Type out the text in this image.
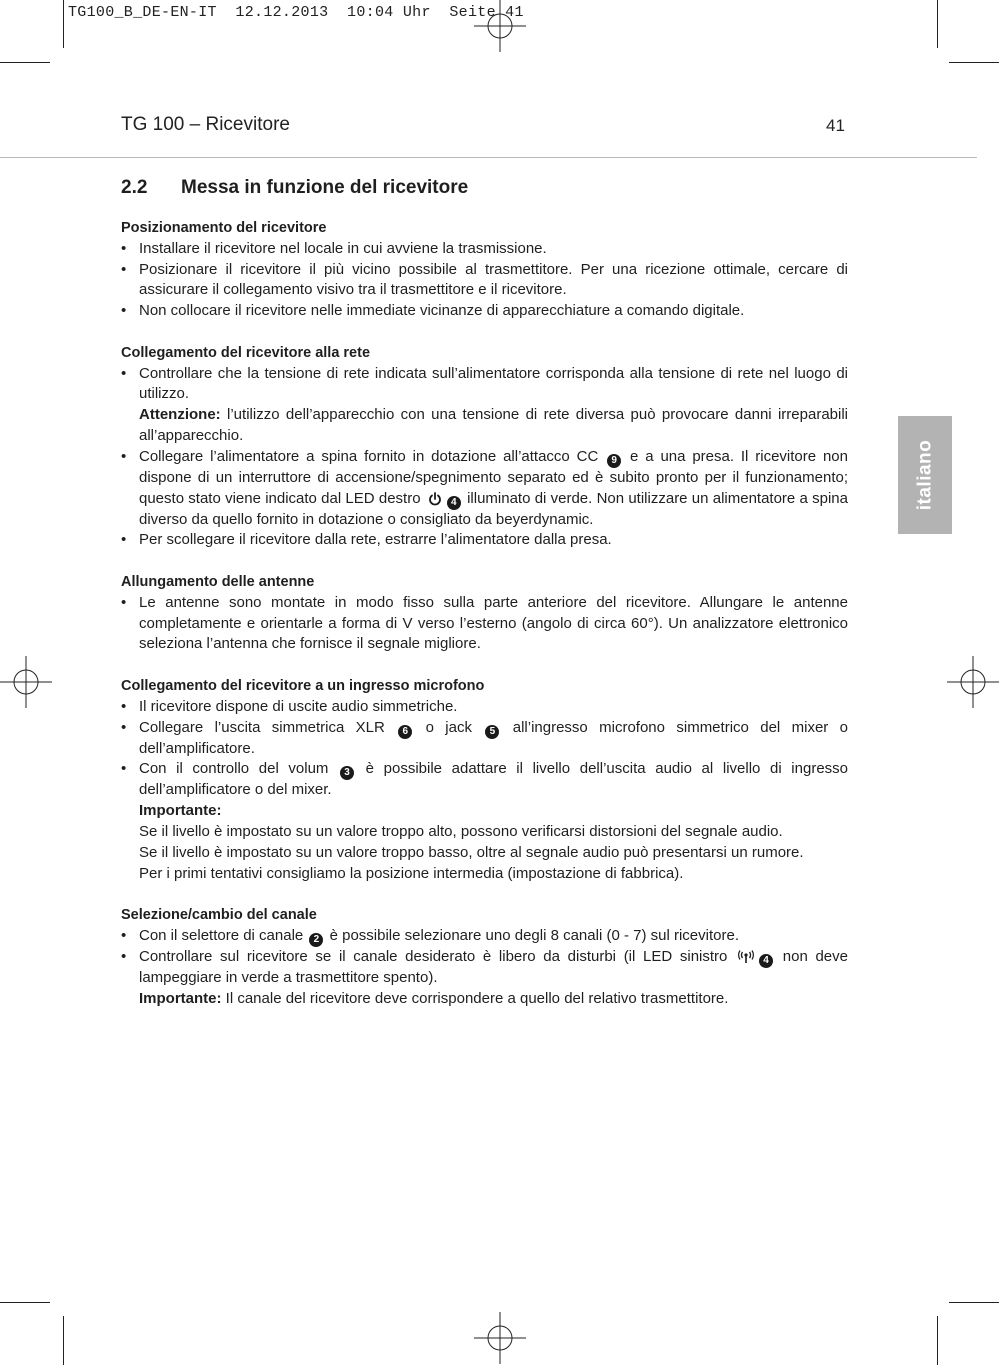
TG100_B_DE-EN-IT  12.12.2013  10:04 Uhr  Seite 41
TG 100 – Ricevitore	41
italiano
2.2	Messa in funzione del ricevitore

Posizionamento del ricevitore

• Installare il ricevitore nel locale in cui avviene la trasmissione.
• Posizionare il ricevitore il più vicino possibile al trasmettitore. Per una ricezione ottimale, cercare di assicurare il collegamento visivo tra il trasmettitore e il ricevitore.
• Non collocare il ricevitore nelle immediate vicinanze di apparecchiature a comando digitale.

Collegamento del ricevitore alla rete

• Controllare che la tensione di rete indicata sull’alimentatore corrisponda alla tensione di rete nel luogo di utilizzo.
Attenzione: l’utilizzo dell’apparecchio con una tensione di rete diversa può provocare danni irreparabili all’apparecchio.
• Collegare l’alimentatore a spina fornito in dotazione all’attacco CC 9 e a una presa. Il ricevitore non dispone di un interruttore di accensione/spegnimento separato ed è subito pronto per il funzionamento; questo stato viene indicato dal LED destro	4 illuminato di verde. Non utilizzare un alimentatore a spina diverso da quello fornito in dotazione o consigliato da beyerdynamic.
• Per scollegare il ricevitore dalla rete, estrarre l’alimentatore dalla presa.

Allungamento delle antenne

• Le antenne sono montate in modo fisso sulla parte anteriore del ricevitore. Allungare le antenne completamente e orientarle a forma di V verso l’esterno (angolo di circa 60°). Un analizzatore elettronico seleziona l’antenna che fornisce il segnale migliore.

Collegamento del ricevitore a un ingresso microfono

• Il ricevitore dispone di uscite audio simmetriche.
• Collegare l’uscita simmetrica XLR 6 o jack 5 all’ingresso microfono simmetrico del mixer o dell’amplificatore.
• Con il controllo del volum 3 è possibile adattare il livello dell’uscita audio al livello di ingresso dell’amplificatore o del mixer.
Importante:
Se il livello è impostato su un valore troppo alto, possono verificarsi distorsioni del segnale audio.
Se il livello è impostato su un valore troppo basso, oltre al segnale audio può presentarsi un rumore.
Per i primi tentativi consigliamo la posizione intermedia (impostazione di fabbrica).

Selezione/cambio del canale

• Con il selettore di canale 2 è possibile selezionare uno degli 8 canali (0 - 7) sul ricevitore.
• Controllare sul ricevitore se il canale desiderato è libero da disturbi (il LED sinistro	4 non deve lampeggiare in verde a trasmettitore spento).
Importante: Il canale del ricevitore deve corrispondere a quello del relativo trasmettitore.
